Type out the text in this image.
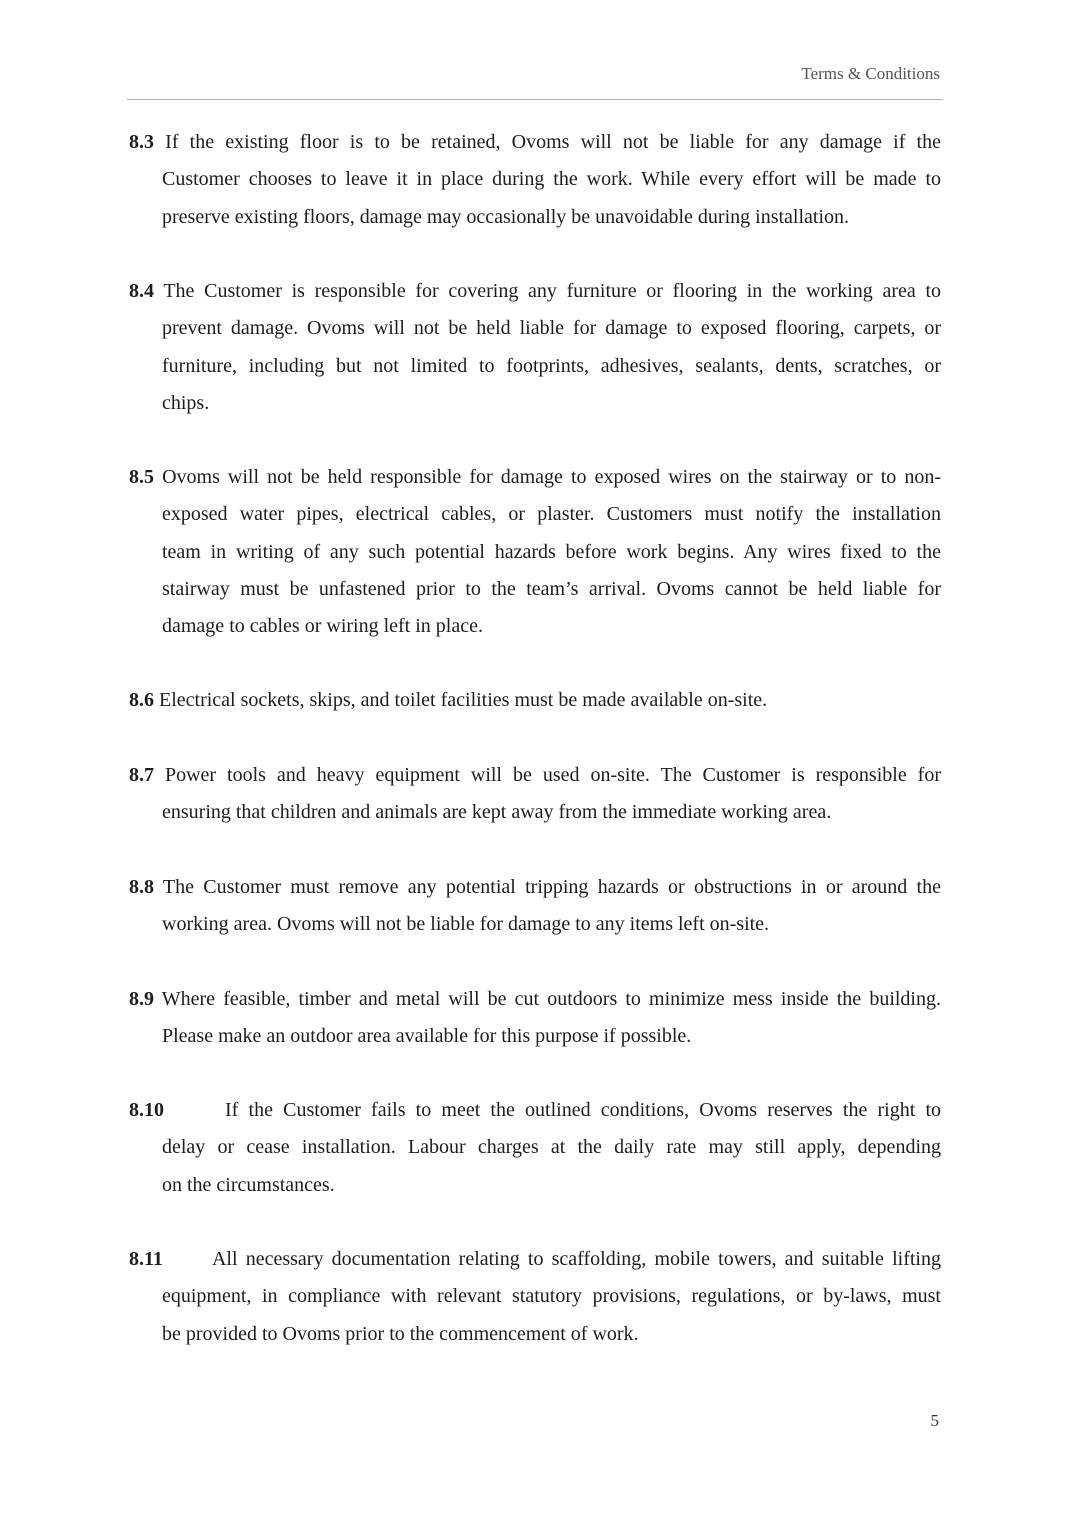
Terms & Conditions
8.3 If the existing floor is to be retained, Ovoms will not be liable for any damage if the
Customer chooses to leave it in place during the work. While every effort will be made to
preserve existing floors, damage may occasionally be unavoidable during installation.
8.4 The Customer is responsible for covering any furniture or flooring in the working area to
prevent damage. Ovoms will not be held liable for damage to exposed flooring, carpets, or
furniture, including but not limited to footprints, adhesives, sealants, dents, scratches, or
chips.
8.5 Ovoms will not be held responsible for damage to exposed wires on the stairway or to non-
exposed water pipes, electrical cables, or plaster. Customers must notify the installation
team in writing of any such potential hazards before work begins. Any wires fixed to the
stairway must be unfastened prior to the team’s arrival. Ovoms cannot be held liable for
damage to cables or wiring left in place.
8.6 Electrical sockets, skips, and toilet facilities must be made available on-site.
8.7 Power tools and heavy equipment will be used on-site. The Customer is responsible for
ensuring that children and animals are kept away from the immediate working area.
8.8 The Customer must remove any potential tripping hazards or obstructions in or around the
working area. Ovoms will not be liable for damage to any items left on-site.
8.9 Where feasible, timber and metal will be cut outdoors to minimize mess inside the building.
Please make an outdoor area available for this purpose if possible.
8.10      If the Customer fails to meet the outlined conditions, Ovoms reserves the right to
delay or cease installation. Labour charges at the daily rate may still apply, depending
on the circumstances.
8.11      All necessary documentation relating to scaffolding, mobile towers, and suitable lifting
equipment, in compliance with relevant statutory provisions, regulations, or by-laws, must
be provided to Ovoms prior to the commencement of work.
5
